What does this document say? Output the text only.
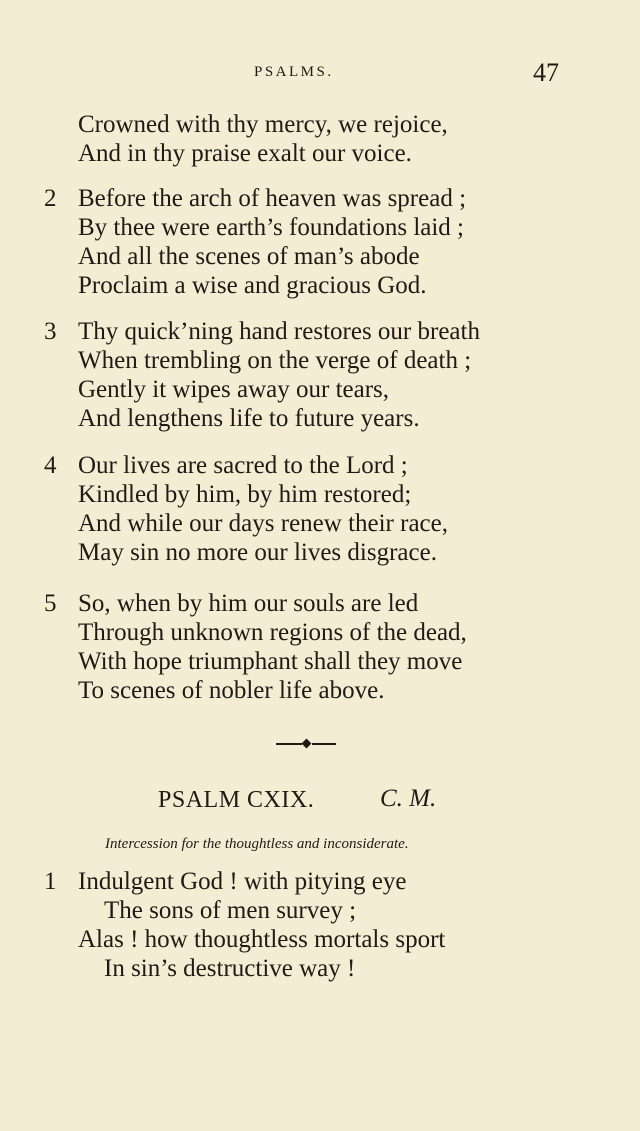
PSALMS.	47
Crowned with thy mercy, we rejoice,
And in thy praise exalt our voice.
2 Before the arch of heaven was spread ;
By thee were earth’s foundations laid ;
And all the scenes of man’s abode
Proclaim a wise and gracious God.
3 Thy quick’ning hand restores our breath
When trembling on the verge of death ;
Gently it wipes away our tears,
And lengthens life to future years.
4 Our lives are sacred to the Lord ;
Kindled by him, by him restored;
And while our days renew their race,
May sin no more our lives disgrace.
5 So, when by him our souls are led
Through unknown regions of the dead,
With hope triumphant shall they move
To scenes of nobler life above.
PSALM CXIX.	C. M.
Intercession for the thoughtless and inconsiderate.
1 Indulgent God ! with pitying eye
The sons of men survey ;
Alas ! how thoughtless mortals sport
In sin’s destructive way !
